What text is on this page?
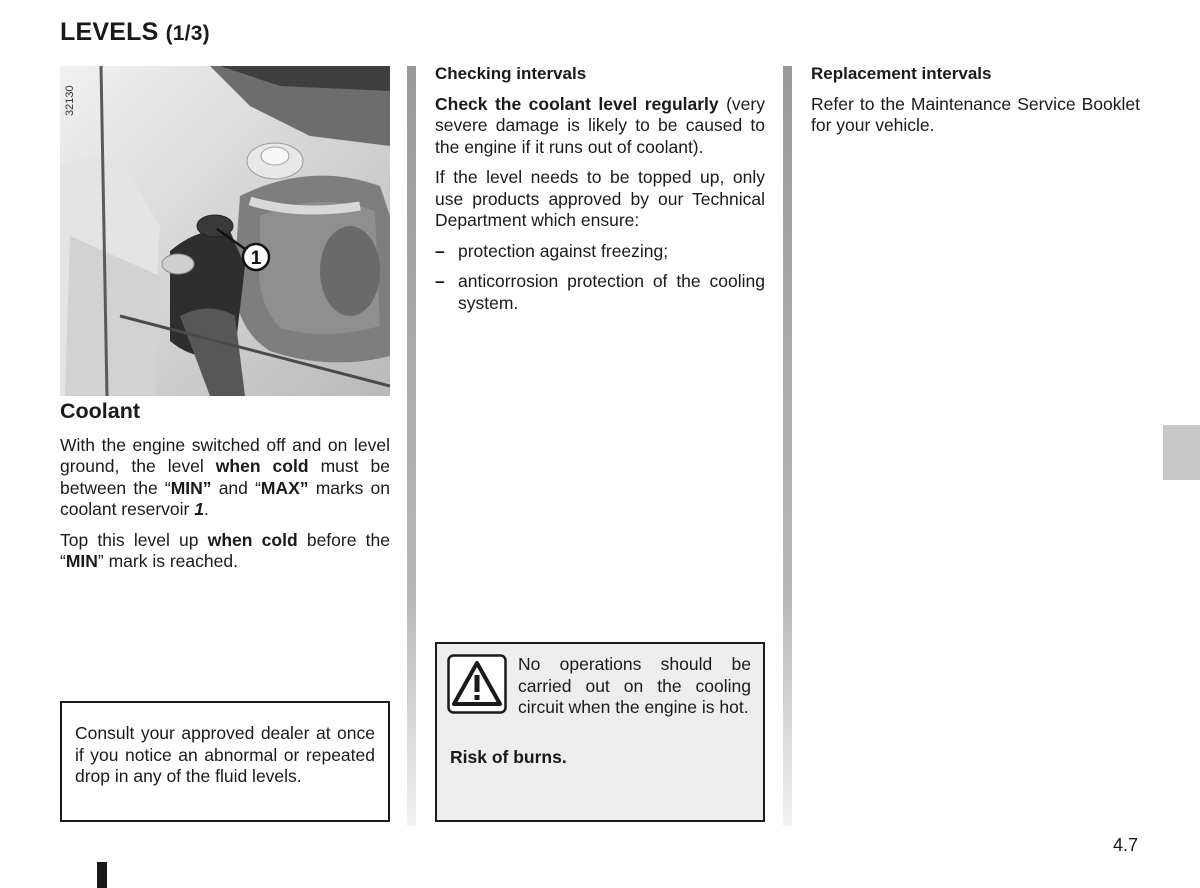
LEVELS (1/3)
1
32130
Coolant

With the engine switched off and on level ground, the level when cold must be between the “MIN” and “MAX” marks on coolant reservoir 1.

Top this level up when cold before the “MIN” mark is reached.

Consult your approved dealer at once if you notice an abnormal or repeated drop in any of the fluid levels.

Checking intervals

Check the coolant level regularly (very severe damage is likely to be caused to the engine if it runs out of coolant).

If the level needs to be topped up, only use products approved by our Technical Department which ensure:

– protection against freezing;
– anticorrosion protection of the cooling system.

No operations should be carried out on the cooling circuit when the engine is hot.

Risk of burns.

Replacement intervals

Refer to the Maintenance Service Booklet for your vehicle.

4.7
